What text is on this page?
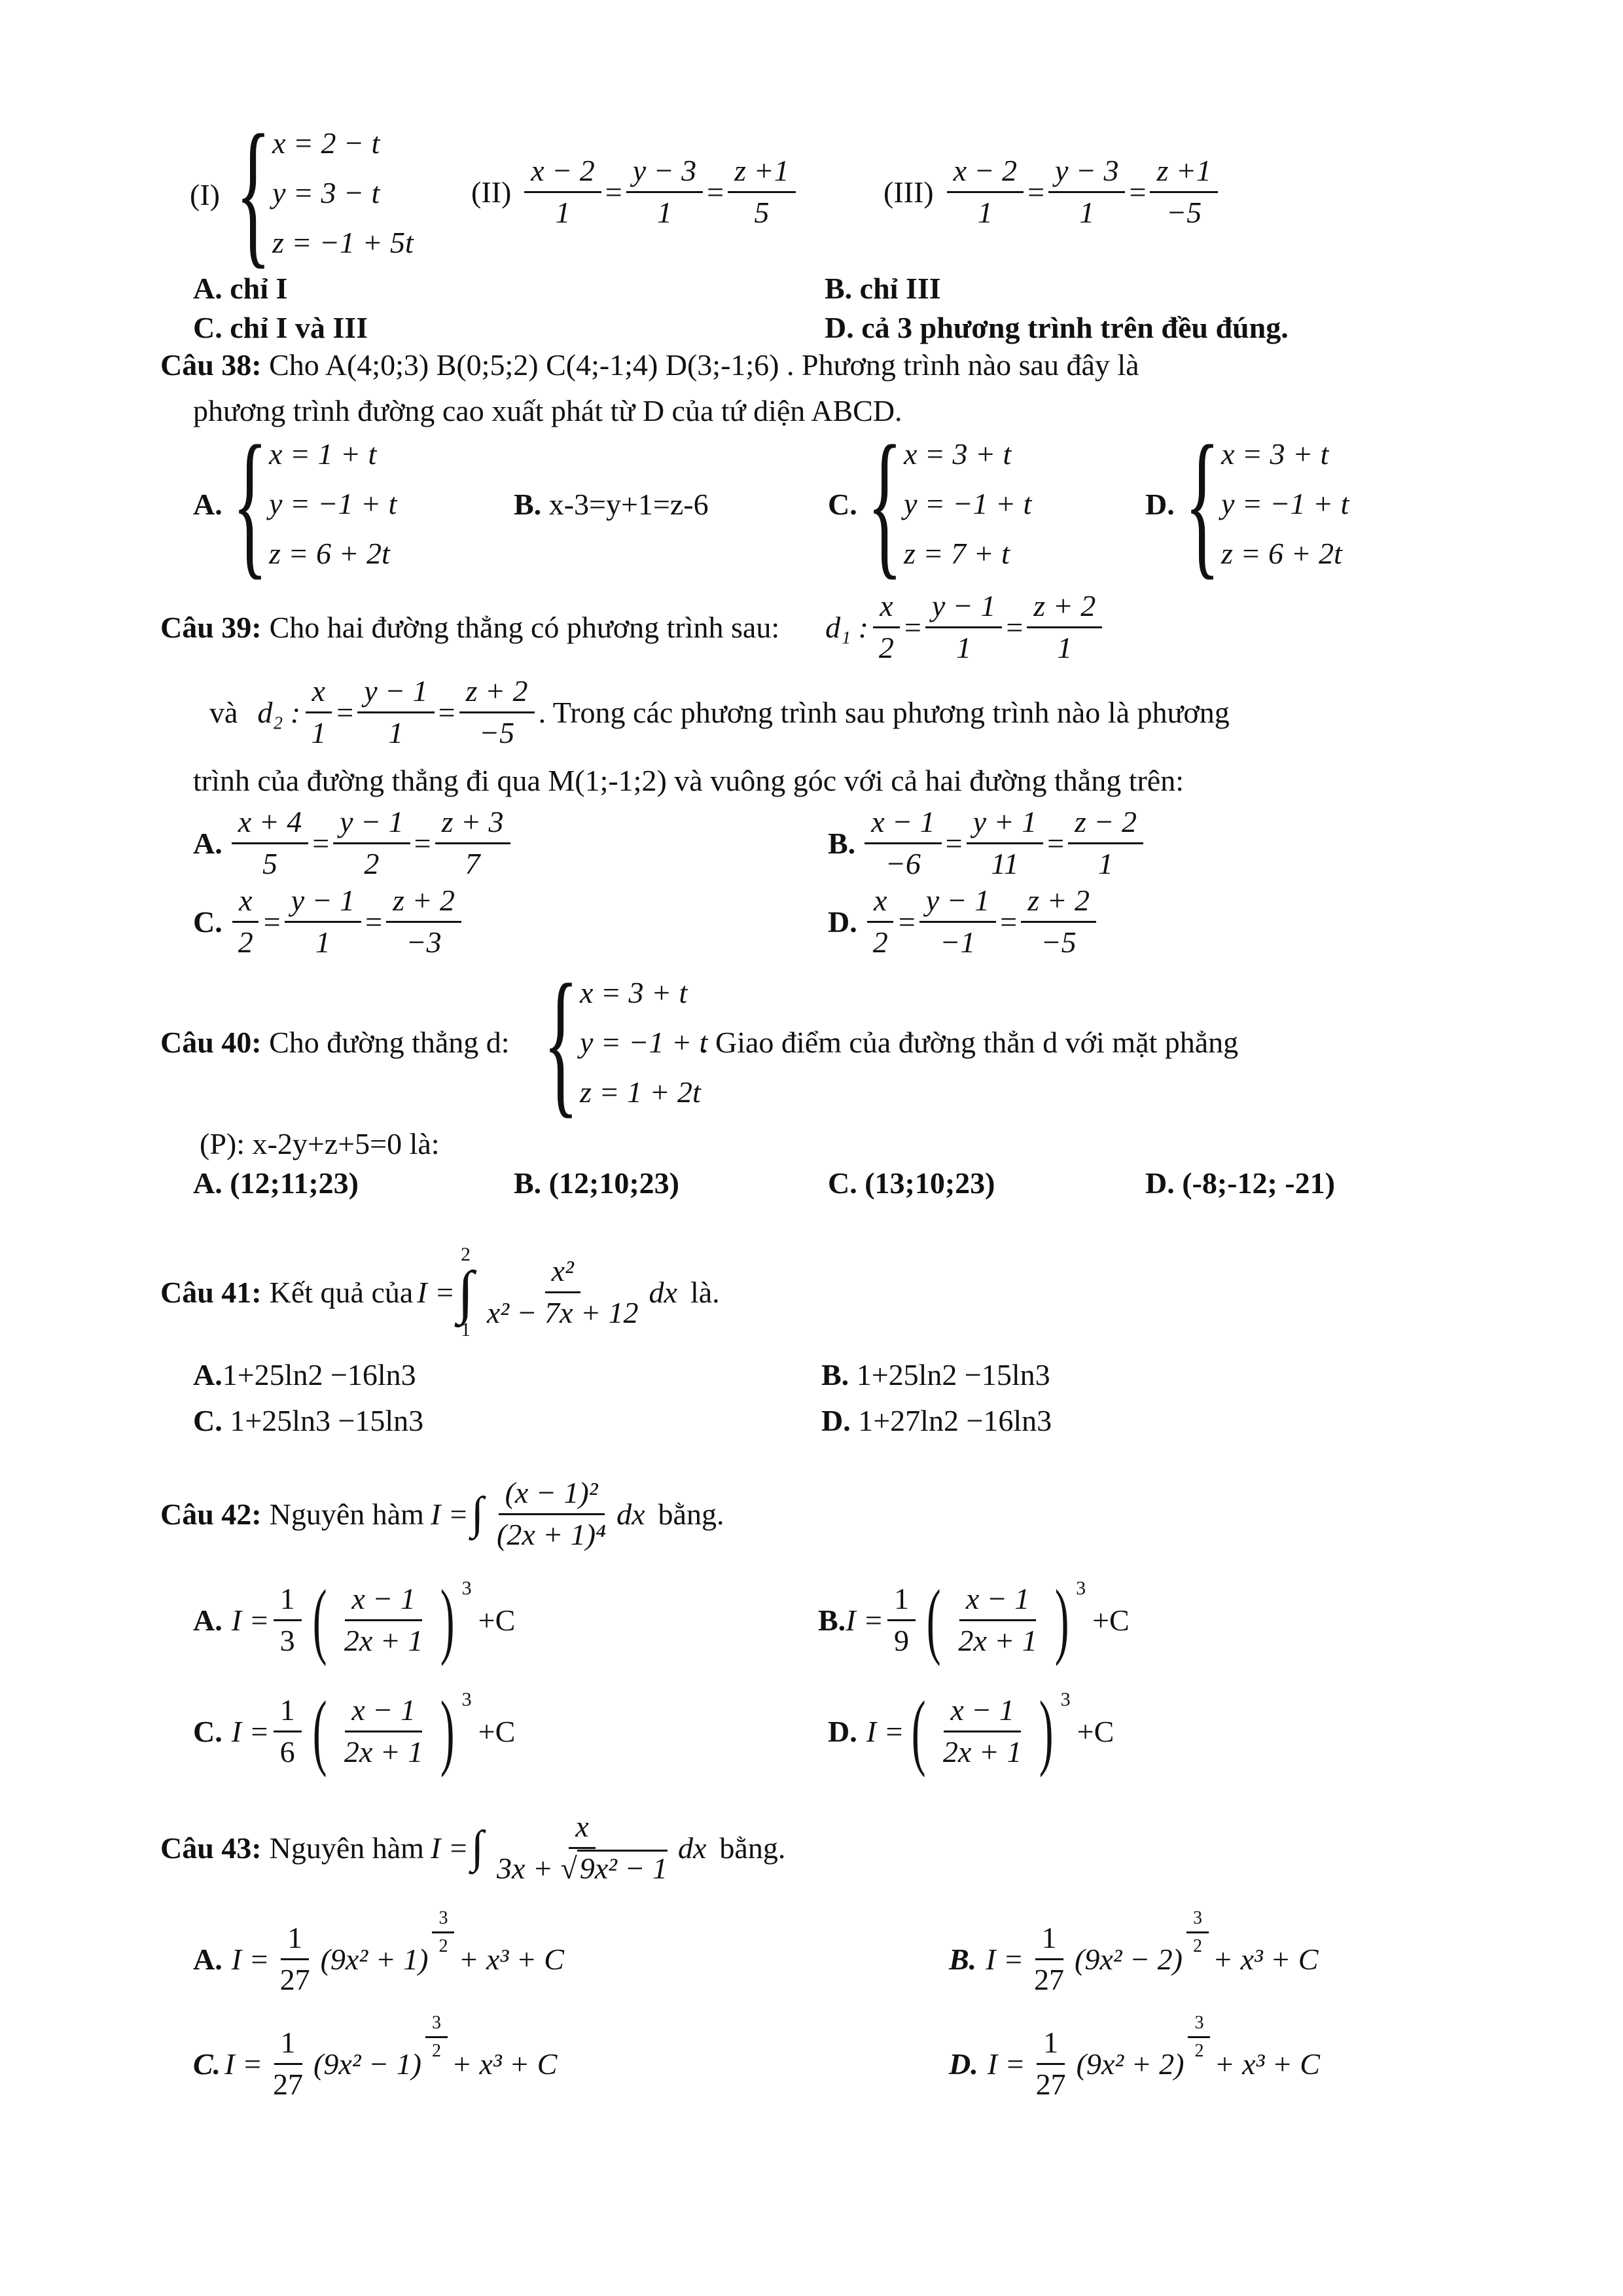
(I) { x = 2 − t
y = 3 − t
z = −1 + 5t
$(II) \frac{x - 2}{1} = \frac{y - 3}{1} = \frac{z +1}{5}$	$(III) \frac{x - 2}{1} = \frac{y - 3}{1} = \frac{z +1}{-5}$
A. chỉ I	B. chỉ III
C. chỉ I và III	D. cả 3 phương trình trên đều đúng.
Câu 38: Cho A(4;0;3) B(0;5;2) C(4;-1;4) D(3;-1;6) . Phương trình nào sau đây là
phương trình đường cao xuất phát từ D của tứ diện ABCD.
A. { x = 1 + t
y = −1 + t
z = 6 + 2t
B. x-3=y+1=z-6	C. { x = 3 + t
y = −1 + t
z = 7 + t
D. { x = 3 + t
y = −1 + t
z = 6 + 2t
Câu 39: Cho hai đường thẳng có phương trình sau: d₁ : $\frac{x}{2} = \frac{y - 1}{1} = \frac{z + 2}{1}$
và d₂ : $\frac{x}{1} = \frac{y - 1}{1} = \frac{z + 2}{-5}$ . Trong các phương trình sau phương trình nào là phương
trình của đường thẳng đi qua M(1;-1;2) và vuông góc với cả hai đường thẳng trên:
A. $\frac{x + 4}{5} = \frac{y - 1}{2} = \frac{z + 3}{7}$	B. $\frac{x - 1}{-6} = \frac{y + 1}{11} = \frac{z - 2}{1}$
C. $\frac{x}{2} = \frac{y - 1}{1} = \frac{z + 2}{-3}$	D. $\frac{x}{2} = \frac{y - 1}{-1} = \frac{z + 2}{-5}$
Câu 40: Cho đường thẳng d: { x = 3 + t
y = −1 + t
z = 1 + 2t
. Giao điểm của đường thẳn d với mặt phẳng
(P): x-2y+z+5=0 là:
A. (12;11;23)	B. (12;10;23)	C. (13;10;23)	D. (-8;-12; -21)
Câu 41: Kết quả của I =
2
∫
$1 \frac{\text{x²}}{\text{x² − 7x + 12}}$ dx là.
A.1+25ln2 −16ln3	B. 1+25ln2 −15ln3
C. 1+25ln3 −15ln3	D. 1+27ln2 −16ln3
Câu 42: Nguyên hàm I = ∫ $\frac{\text{(x − 1)²}}{\text{(2x + 1)⁴}}$ dx bằng.
A. $I = \frac{1}{3}$ ( $\frac{x - 1}{2x + 1}$ ) $^3$
+C	B. $I = \frac{1}{9}$ ( $\frac{x - 1}{2x + 1}$ ) $^3$
+C
C. $I = \frac{1}{6}$ ( $\frac{x - 1}{2x + 1}$ ) $^3$
+C	D. I = ( $\frac{x - 1}{2x + 1}$ ) $^3$
+C
Câu 43: Nguyên hàm I = ∫ $\frac{x}{\text{3x + √9x² − 1}}$ dx bằng.
A. $I = \frac{1}{27} (9x^2 + 1)$
$\frac{3}{2}$
+ x³ + C	B. $I = \frac{1}{27} (9x^2 - 2)$
$\frac{3}{2}$
+ x³ + C
C. $I = \frac{1}{27} (9x^2 - 1)$
$\frac{3}{2}$
+ x³ + C	D. $I = \frac{1}{27} (9x^2 + 2)$
$\frac{3}{2}$
+ x³ + C
